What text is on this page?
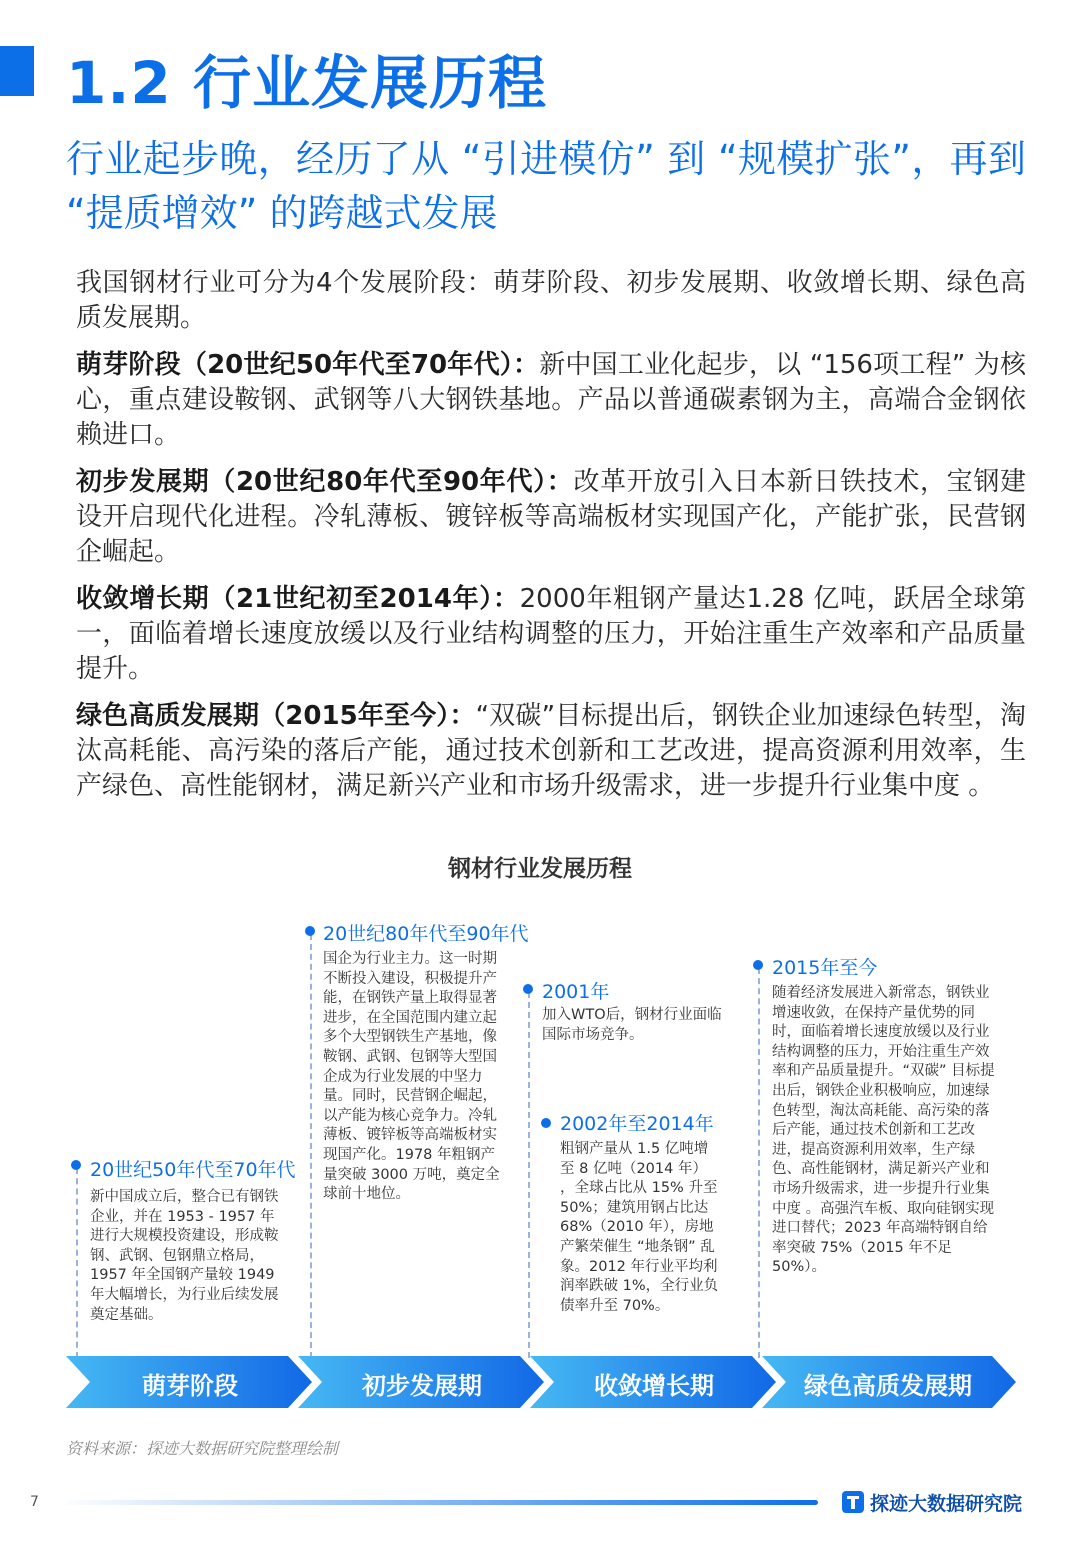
1.2 行业发展历程
行业起步晚，经历了从 “引进模仿” 到 “规模扩张”，再到 “提质增效” 的跨越式发展

我国钢材行业可分为4个发展阶段：萌芽阶段、初步发展期、收敛增长期、绿色高质发展期。

萌芽阶段（20世纪50年代至70年代）：新中国工业化起步，以 “156项工程” 为核心，重点建设鞍钢、武钢等八大钢铁基地。产品以普通碳素钢为主，高端合金钢依赖进口。

初步发展期（20世纪80年代至90年代）：改革开放引入日本新日铁技术，宝钢建设开启现代化进程。冷轧薄板、镀锌板等高端板材实现国产化，产能扩张，民营钢企崛起。

收敛增长期（21世纪初至2014年）：2000年粗钢产量达1.28 亿吨，跃居全球第一，面临着增长速度放缓以及行业结构调整的压力，开始注重生产效率和产品质量提升。

绿色高质发展期（2015年至今）：“双碳”目标提出后，钢铁企业加速绿色转型，淘汰高耗能、高污染的落后产能，通过技术创新和工艺改进，提高资源利用效率，生产绿色、高性能钢材，满足新兴产业和市场升级需求，进一步提升行业集中度 。

钢材行业发展历程
20世纪50年代至70年代
新中国成立后，整合已有钢铁企业，并在 1953 - 1957 年进行大规模投资建设，形成鞍钢、武钢、包钢鼎立格局，1957 年全国钢产量较 1949 年大幅增长，为行业后续发展奠定基础。
20世纪80年代至90年代
国企为行业主力。这一时期不断投入建设，积极提升产能，在钢铁产量上取得显著进步，在全国范围内建立起多个大型钢铁生产基地，像鞍钢、武钢、包钢等大型国企成为行业发展的中坚力量。同时，民营钢企崛起，以产能为核心竞争力。冷轧薄板、镀锌板等高端板材实现国产化。1978 年粗钢产量突破 3000 万吨，奠定全球前十地位。
2001年
加入WTO后，钢材行业面临国际市场竞争。
2002年至2014年
粗钢产量从 1.5 亿吨增至 8 亿吨（2014 年） ，全球占比从 15% 升至 50%；建筑用钢占比达 68%（2010 年），房地产繁荣催生 “地条钢” 乱象。2012 年行业平均利润率跌破 1%，全行业负债率升至 70%。
2015年至今
随着经济发展进入新常态，钢铁业增速收敛，在保持产量优势的同时，面临着增长速度放缓以及行业结构调整的压力，开始注重生产效率和产品质量提升。“双碳” 目标提出后，钢铁企业积极响应，加速绿色转型，淘汰高耗能、高污染的落后产能，通过技术创新和工艺改进，提高资源利用效率，生产绿色、高性能钢材，满足新兴产业和市场升级需求，进一步提升行业集中度 。高强汽车板、取向硅钢实现进口替代；2023 年高端特钢自给率突破 75%（2015 年不足 50%）。
萌芽阶段	初步发展期	收敛增长期	绿色高质发展期
资料来源：探迹大数据研究院整理绘制
7	探迹大数据研究院
